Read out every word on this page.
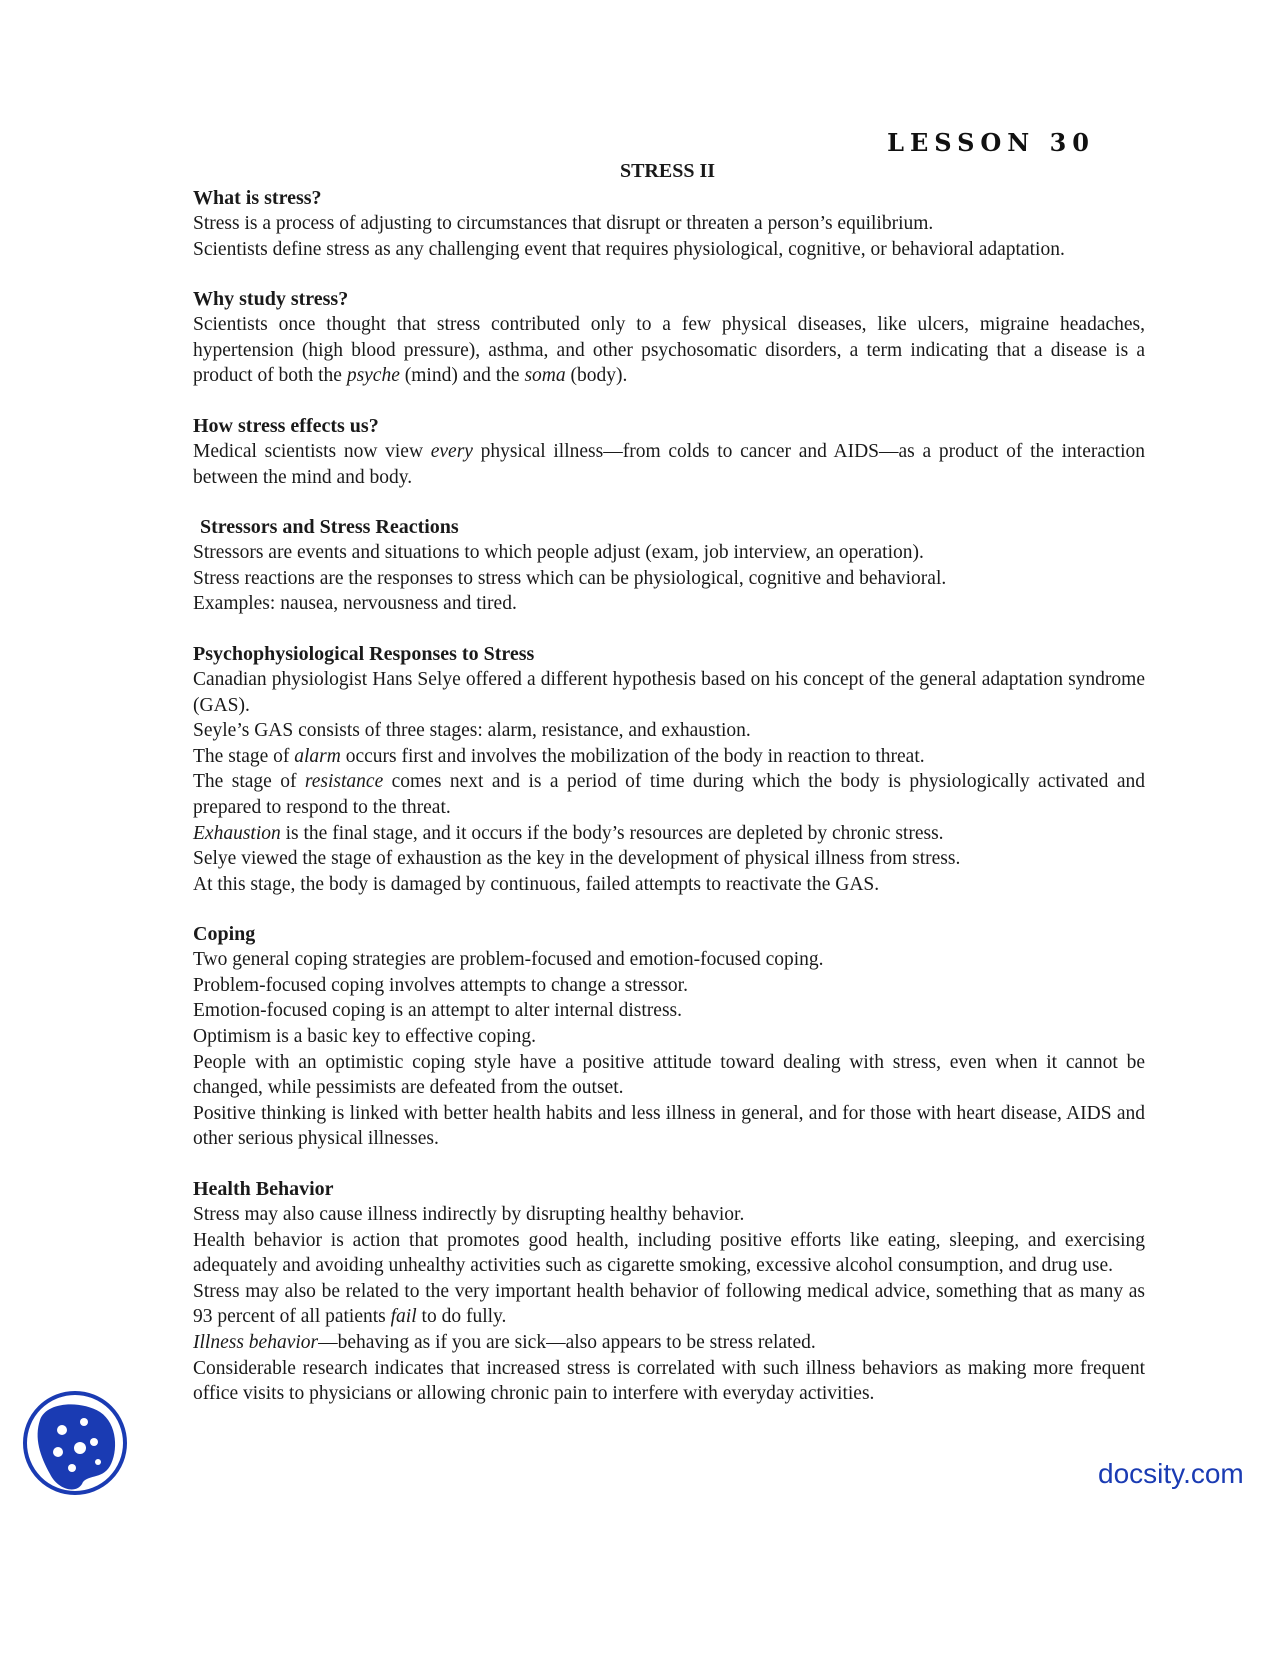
LESSON 30
STRESS II
What is stress?
Stress is a process of adjusting to circumstances that disrupt or threaten a person’s equilibrium.
Scientists define stress as any challenging event that requires physiological, cognitive, or behavioral adaptation.
Why study stress?
Scientists once thought that stress contributed only to a few physical diseases, like ulcers, migraine headaches, hypertension (high blood pressure), asthma, and other psychosomatic disorders, a term indicating that a disease is a product of both the psyche (mind) and the soma (body).
How stress effects us?
Medical scientists now view every physical illness—from colds to cancer and AIDS—as a product of the interaction between the mind and body.
Stressors and Stress Reactions
Stressors are events and situations to which people adjust (exam, job interview, an operation).
Stress reactions are the responses to stress which can be physiological, cognitive and behavioral.
Examples: nausea, nervousness and tired.
Psychophysiological Responses to Stress
Canadian physiologist Hans Selye offered a different hypothesis based on his concept of the general adaptation syndrome (GAS).
Seyle’s GAS consists of three stages: alarm, resistance, and exhaustion.
The stage of alarm occurs first and involves the mobilization of the body in reaction to threat.
The stage of resistance comes next and is a period of time during which the body is physiologically activated and prepared to respond to the threat.
Exhaustion is the final stage, and it occurs if the body’s resources are depleted by chronic stress.
Selye viewed the stage of exhaustion as the key in the development of physical illness from stress.
At this stage, the body is damaged by continuous, failed attempts to reactivate the GAS.
Coping
Two general coping strategies are problem-focused and emotion-focused coping.
Problem-focused coping involves attempts to change a stressor.
Emotion-focused coping is an attempt to alter internal distress.
Optimism is a basic key to effective coping.
People with an optimistic coping style have a positive attitude toward dealing with stress, even when it cannot be changed, while pessimists are defeated from the outset.
Positive thinking is linked with better health habits and less illness in general, and for those with heart disease, AIDS and other serious physical illnesses.
Health Behavior
Stress may also cause illness indirectly by disrupting healthy behavior.
Health behavior is action that promotes good health, including positive efforts like eating, sleeping, and exercising adequately and avoiding unhealthy activities such as cigarette smoking, excessive alcohol consumption, and drug use.
Stress may also be related to the very important health behavior of following medical advice, something that as many as 93 percent of all patients fail to do fully.
Illness behavior—behaving as if you are sick—also appears to be stress related.
Considerable research indicates that increased stress is correlated with such illness behaviors as making more frequent office visits to physicians or allowing chronic pain to interfere with everyday activities.
docsity.com
